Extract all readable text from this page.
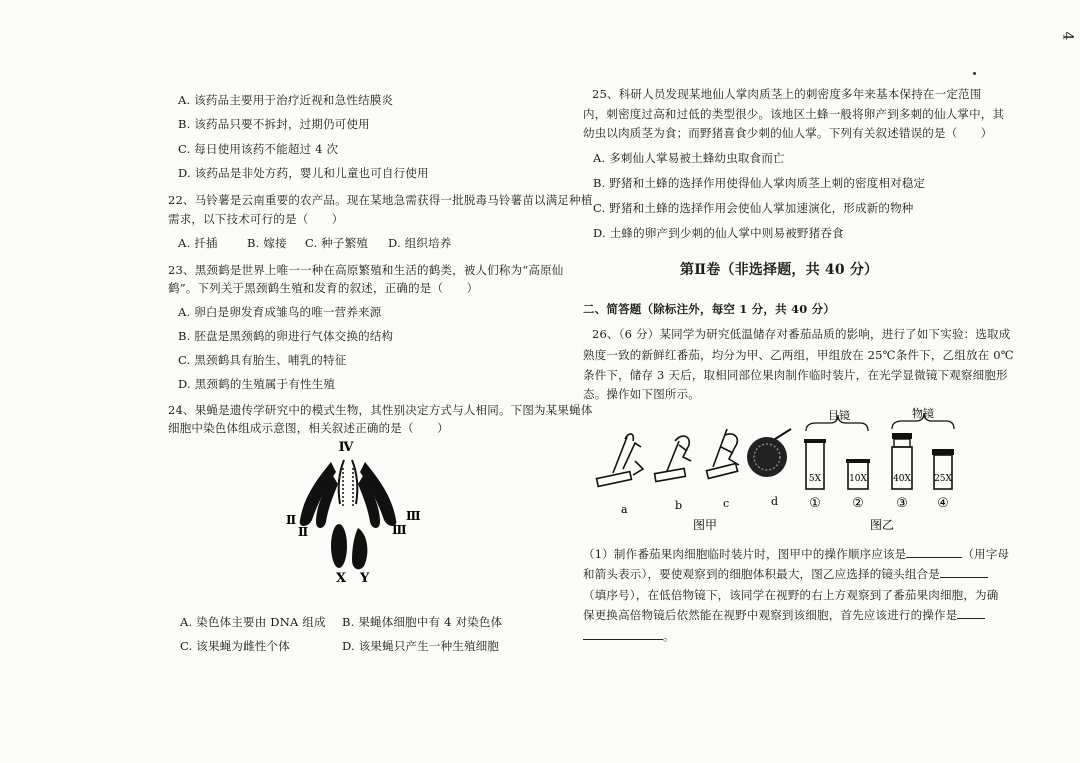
4
A. 该药品主要用于治疗近视和急性结膜炎
B. 该药品只要不拆封，过期仍可使用
C. 每日使用该药不能超过 4 次
D. 该药品是非处方药，婴儿和儿童也可自行使用
22、马铃薯是云南重要的农产品。现在某地急需获得一批脱毒马铃薯苗以满足种植
需求，以下技术可行的是（　　）
A. 扦插	B. 嫁接 C. 种子繁殖 D. 组织培养
23、黑颈鹤是世界上唯一一种在高原繁殖和生活的鹤类，被人们称为“高原仙
鹤”。下列关于黑颈鹤生殖和发育的叙述，正确的是（　　）
A. 卵白是卵发育成雏鸟的唯一营养来源
B. 胚盘是黑颈鹤的卵进行气体交换的结构
C. 黑颈鹤具有胎生、哺乳的特征
D. 黑颈鹤的生殖属于有性生殖
24、果蝇是遗传学研究中的模式生物，其性别决定方式与人相同。下图为某果蝇体
细胞中染色体组成示意图，相关叙述正确的是（　　）
Ⅳ
Ⅱ
Ⅱ
Ⅲ
Ⅲ
X Y
A. 染色体主要由 DNA 组成 B. 果蝇体细胞中有 4 对染色体
C. 该果蝇为雌性个体	D. 该果蝇只产生一种生殖细胞
25、科研人员发现某地仙人掌肉质茎上的刺密度多年来基本保持在一定范围
内，刺密度过高和过低的类型很少。该地区土蜂一般将卵产到多刺的仙人掌中，其
幼虫以肉质茎为食；而野猪喜食少刺的仙人掌。下列有关叙述错误的是（　　）
A. 多刺仙人掌易被土蜂幼虫取食而亡
B. 野猪和土蜂的选择作用使得仙人掌肉质茎上刺的密度相对稳定
C. 野猪和土蜂的选择作用会使仙人掌加速演化，形成新的物种
D. 土蜂的卵产到少刺的仙人掌中则易被野猪吞食
第Ⅱ卷（非选择题，共 40 分）
二、简答题（除标注外，每空 1 分，共 40 分）
26、（6 分）某同学为研究低温储存对番茄品质的影响，进行了如下实验：选取成
熟度一致的新鲜红番茄，均分为甲、乙两组，甲组放在 25℃条件下，乙组放在 0℃
条件下，储存 3 天后，取相同部位果肉制作临时装片，在光学显微镜下观察细胞形
态。操作如下图所示。
a	b	c	d
图甲
目镜	物镜
5X
①
10X
②
40X
③
25X
④
图乙
（1）制作番茄果肉细胞临时装片时，图甲中的操作顺序应该是	（用字母
和箭头表示），要使观察到的细胞体积最大，图乙应选择的镜头组合是
（填序号），在低倍物镜下，该同学在视野的右上方观察到了番茄果肉细胞，为确
保更换高倍物镜后依然能在视野中观察到该细胞，首先应该进行的操作是
。
